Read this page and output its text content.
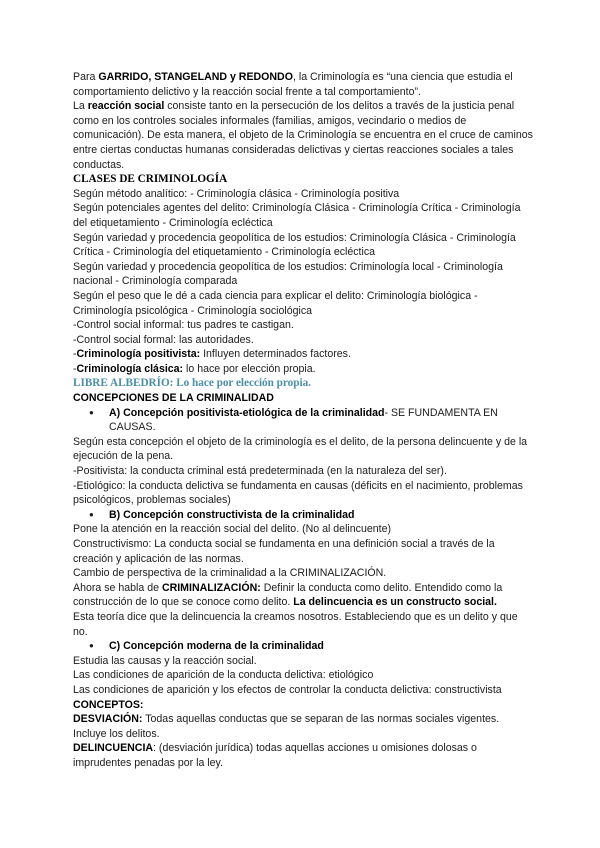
Para GARRIDO, STANGELAND y REDONDO, la Criminología es “una ciencia que estudia el comportamiento delictivo y la reacción social frente a tal comportamiento”.

La reacción social consiste tanto en la persecución de los delitos a través de la justicia penal como en los controles sociales informales (familias, amigos, vecindario o medios de comunicación). De esta manera, el objeto de la Criminología se encuentra en el cruce de caminos entre ciertas conductas humanas consideradas delictivas y ciertas reacciones sociales a tales conductas.

CLASES DE CRIMINOLOGÍA

Según método analítico: - Criminología clásica - Criminología positiva

Según potenciales agentes del delito: Criminología Clásica - Criminología Crítica - Criminología del etiquetamiento - Criminología ecléctica

Según variedad y procedencia geopolítica de los estudios: Criminología Clásica - Criminología Crítica - Criminología del etiquetamiento - Criminología ecléctica

Según variedad y procedencia geopolítica de los estudios: Criminología local - Criminología nacional - Criminología comparada

Según el peso que le dé a cada ciencia para explicar el delito: Criminología biológica - Criminología psicológica - Criminología sociológica

-Control social informal: tus padres te castigan.

-Control social formal: las autoridades.

-Criminología positivista: Influyen determinados factores.

-Criminología clásica: lo hace por elección propia.

LIBRE ALBEDRÍO: Lo hace por elección propia.

CONCEPCIONES DE LA CRIMINALIDAD

●	A) Concepción positivista-etiológica de la criminalidad- SE FUNDAMENTA EN CAUSAS.

Según esta concepción el objeto de la criminología es el delito, de la persona delincuente y de la ejecución de la pena.

-Positivista: la conducta criminal está predeterminada (en la naturaleza del ser).

-Etiológico: la conducta delictiva se fundamenta en causas (déficits en el nacimiento, problemas psicológicos, problemas sociales)

●	B) Concepción constructivista de la criminalidad

Pone la atención en la reacción social del delito. (No al delincuente)

Constructivismo: La conducta social se fundamenta en una definición social a través de la creación y aplicación de las normas.

Cambio de perspectiva de la criminalidad a la CRIMINALIZACIÓN.

Ahora se habla de CRIMINALIZACIÓN: Definir la conducta como delito. Entendido como la construcción de lo que se conoce como delito. La delincuencia es un constructo social.

Esta teoría dice que la delincuencia la creamos nosotros. Estableciendo que es un delito y que no.

●	C) Concepción moderna de la criminalidad

Estudia las causas y la reacción social.

Las condiciones de aparición de la conducta delictiva: etiológico

Las condiciones de aparición y los efectos de controlar la conducta delictiva: constructivista

CONCEPTOS:

DESVIACIÓN: Todas aquellas conductas que se separan de las normas sociales vigentes. Incluye los delitos.

DELINCUENCIA: (desviación jurídica) todas aquellas acciones u omisiones dolosas o imprudentes penadas por la ley.
